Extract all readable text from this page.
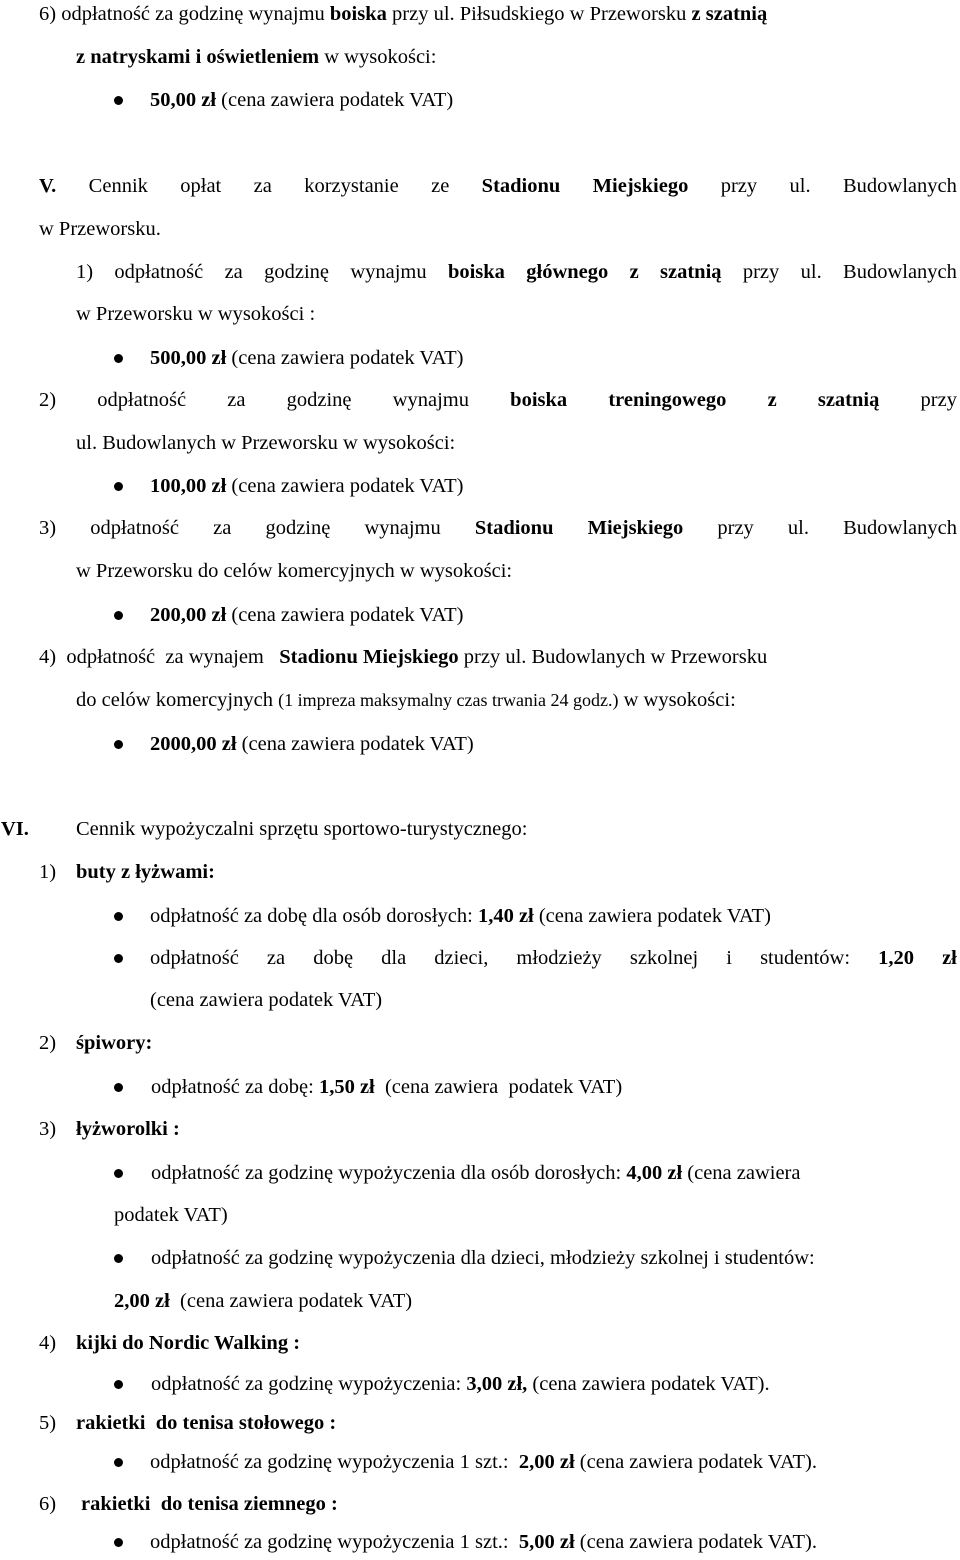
6) odpłatność za godzinę wynajmu boiska przy ul. Piłsudskiego w Przeworsku z szatnią
z natryskami i oświetleniem w wysokości:
50,00 zł (cena zawiera podatek VAT)
V. Cennik opłat za korzystanie ze Stadionu Miejskiego przy ul. Budowlanych
w Przeworsku.
1) odpłatność za godzinę wynajmu boiska głównego z szatnią przy ul. Budowlanych
w Przeworsku w wysokości :
500,00 zł (cena zawiera podatek VAT)
2) odpłatność za godzinę wynajmu boiska treningowego z szatnią przy
ul. Budowlanych w Przeworsku w wysokości:
100,00 zł (cena zawiera podatek VAT)
3) odpłatność za godzinę wynajmu Stadionu Miejskiego przy ul. Budowlanych
w Przeworsku do celów komercyjnych w wysokości:
200,00 zł (cena zawiera podatek VAT)
4)  odpłatność  za wynajem   Stadionu Miejskiego przy ul. Budowlanych w Przeworsku
do celów komercyjnych (1 impreza maksymalny czas trwania 24 godz.) w wysokości:
2000,00 zł (cena zawiera podatek VAT)
VI. Cennik wypożyczalni sprzętu sportowo-turystycznego:
1) buty z łyżwami:
odpłatność za dobę dla osób dorosłych: 1,40 zł (cena zawiera podatek VAT)
odpłatność za dobę dla dzieci, młodzieży szkolnej i studentów: 1,20 zł
(cena zawiera podatek VAT)
2) śpiwory:
odpłatność za dobę: 1,50 zł  (cena zawiera  podatek VAT)
3) łyżworolki :
odpłatność za godzinę wypożyczenia dla osób dorosłych: 4,00 zł (cena zawiera
podatek VAT)
odpłatność za godzinę wypożyczenia dla dzieci, młodzieży szkolnej i studentów:
2,00 zł  (cena zawiera podatek VAT)
4) kijki do Nordic Walking :
odpłatność za godzinę wypożyczenia: 3,00 zł, (cena zawiera podatek VAT).
5) rakietki  do tenisa stołowego :
odpłatność za godzinę wypożyczenia 1 szt.:  2,00 zł (cena zawiera podatek VAT).
6) rakietki  do tenisa ziemnego :
odpłatność za godzinę wypożyczenia 1 szt.:  5,00 zł (cena zawiera podatek VAT).
